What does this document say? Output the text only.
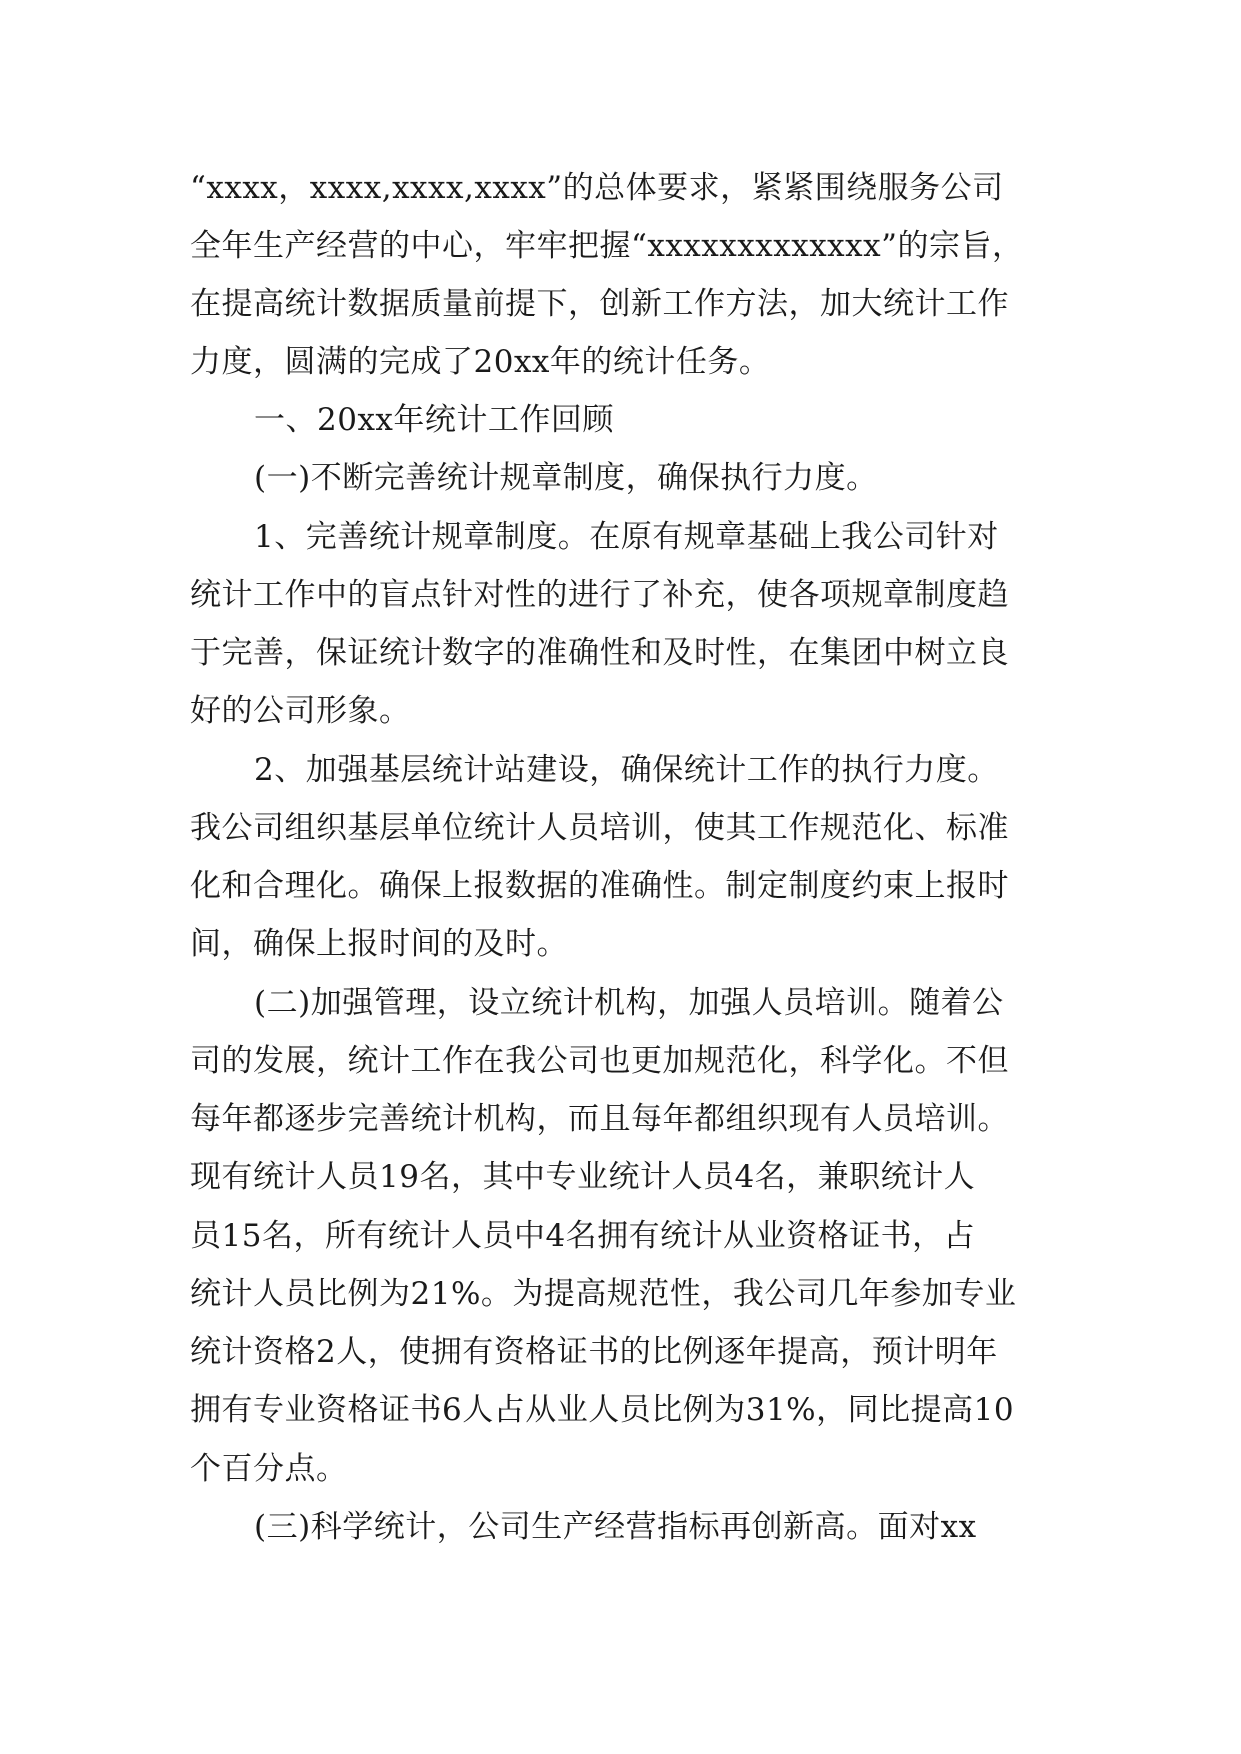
“xxxx，xxxx,xxxx,xxxx”的总体要求，紧紧围绕服务公司
全年生产经营的中心，牢牢把握“xxxxxxxxxxxxx”的宗旨，
在提高统计数据质量前提下，创新工作方法，加大统计工作
力度，圆满的完成了20xx年的统计任务。
一、20xx年统计工作回顾
(一)不断完善统计规章制度，确保执行力度。
1、完善统计规章制度。在原有规章基础上我公司针对
统计工作中的盲点针对性的进行了补充，使各项规章制度趋
于完善，保证统计数字的准确性和及时性，在集团中树立良
好的公司形象。
2、加强基层统计站建设，确保统计工作的执行力度。
我公司组织基层单位统计人员培训，使其工作规范化、标准
化和合理化。确保上报数据的准确性。制定制度约束上报时
间，确保上报时间的及时。
(二)加强管理，设立统计机构，加强人员培训。随着公
司的发展，统计工作在我公司也更加规范化，科学化。不但
每年都逐步完善统计机构，而且每年都组织现有人员培训。
现有统计人员19名，其中专业统计人员4名，兼职统计人
员15名，所有统计人员中4名拥有统计从业资格证书，占
统计人员比例为21%。为提高规范性，我公司几年参加专业
统计资格2人，使拥有资格证书的比例逐年提高，预计明年
拥有专业资格证书6人占从业人员比例为31%，同比提高10
个百分点。
(三)科学统计，公司生产经营指标再创新高。面对xx
